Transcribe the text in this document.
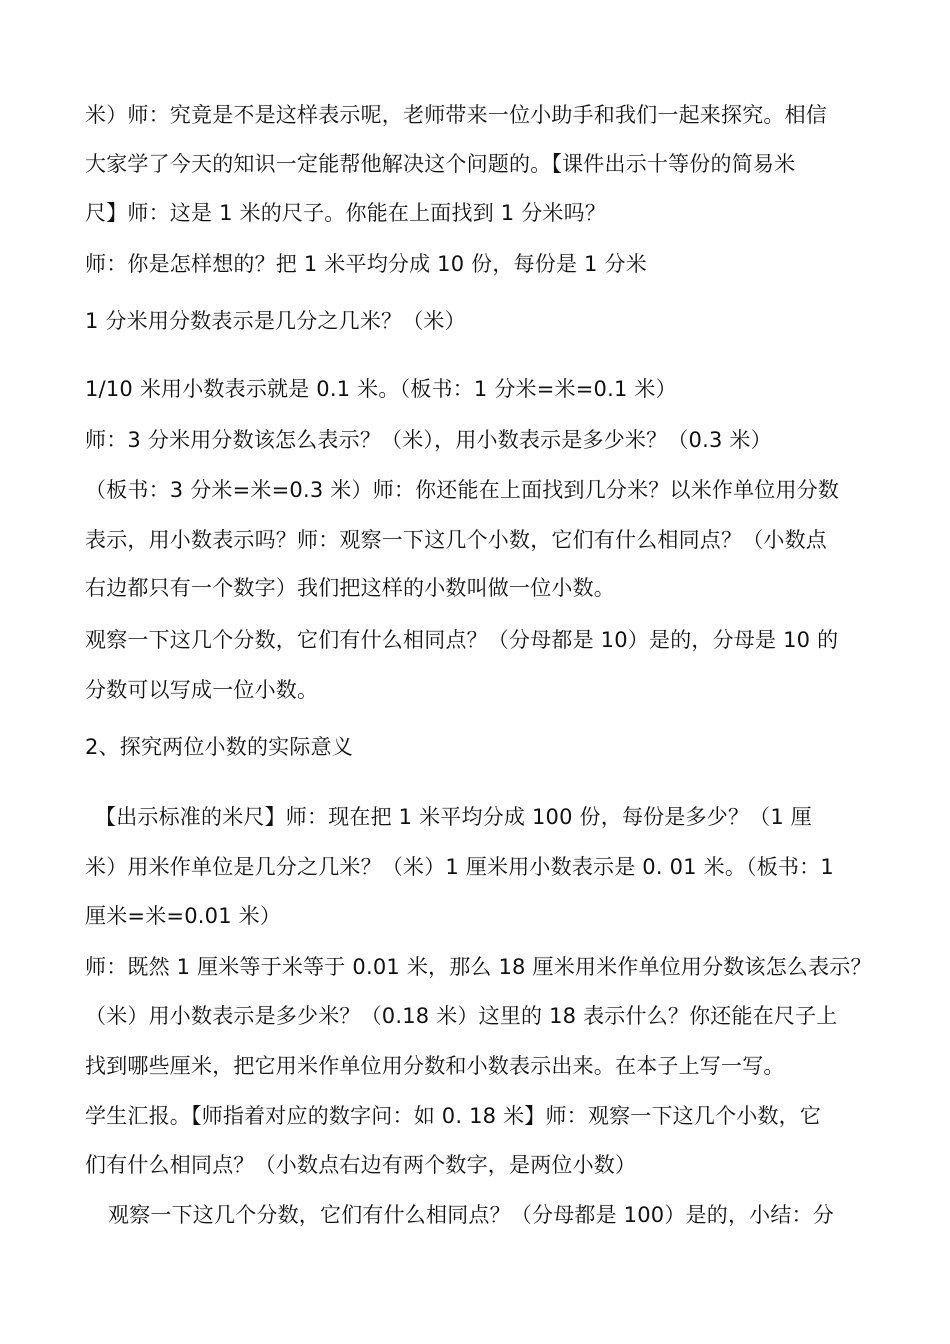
米）师：究竟是不是这样表示呢，老师带来一位小助手和我们一起来探究。相信
大家学了今天的知识一定能帮他解决这个问题的。【课件出示十等份的简易米
尺】师：这是 1 米的尺子。你能在上面找到 1 分米吗？
师：你是怎样想的？把 1 米平均分成 10 份，每份是 1 分米
1 分米用分数表示是几分之几米？（米）
1/10 米用小数表示就是 0.1 米。（板书：1 分米=米=0.1 米）
师：3 分米用分数该怎么表示？（米），用小数表示是多少米？（0.3 米）
（板书：3 分米=米=0.3 米）师：你还能在上面找到几分米？以米作单位用分数
表示，用小数表示吗？师：观察一下这几个小数，它们有什么相同点？（小数点
右边都只有一个数字）我们把这样的小数叫做一位小数。
观察一下这几个分数，它们有什么相同点？（分母都是 10）是的，分母是 10 的
分数可以写成一位小数。
2、探究两位小数的实际意义
【出示标准的米尺】师：现在把 1 米平均分成 100 份，每份是多少？（1 厘
米）用米作单位是几分之几米？（米）1 厘米用小数表示是 0. 01 米。（板书：1
厘米=米=0.01 米）
师：既然 1 厘米等于米等于 0.01 米，那么 18 厘米用米作单位用分数该怎么表示？
（米）用小数表示是多少米？（0.18 米）这里的 18 表示什么？你还能在尺子上
找到哪些厘米，把它用米作单位用分数和小数表示出来。在本子上写一写。
学生汇报。【师指着对应的数字问：如 0. 18 米】师：观察一下这几个小数，它
们有什么相同点？（小数点右边有两个数字，是两位小数）
观察一下这几个分数，它们有什么相同点？（分母都是 100）是的，小结：分
